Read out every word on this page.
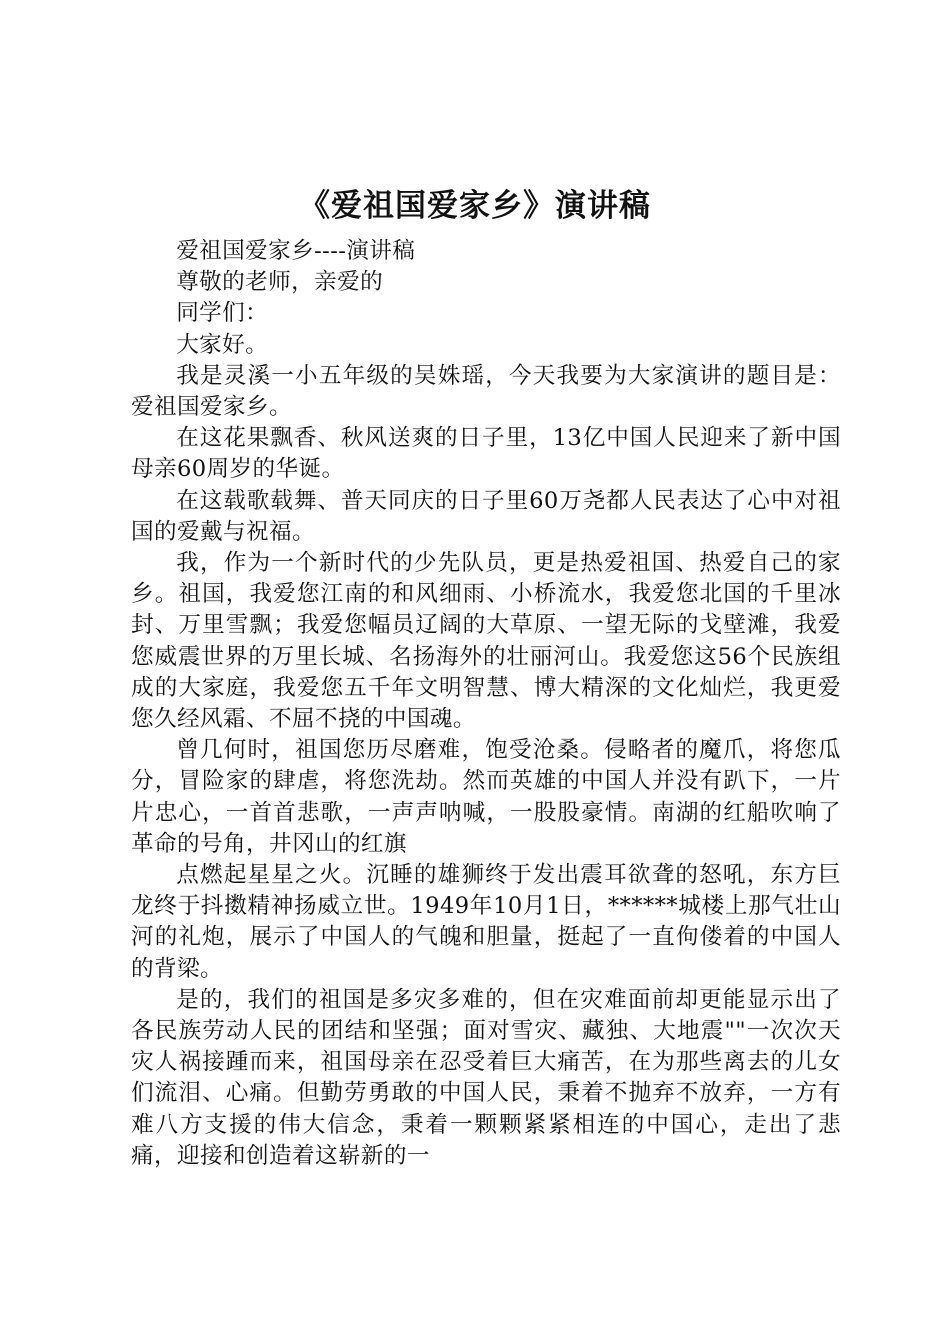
《爱祖国爱家乡》演讲稿

爱祖国爱家乡----演讲稿

尊敬的老师，亲爱的

同学们：

大家好。

我是灵溪一小五年级的吴姝瑶，今天我要为大家演讲的题目是：爱祖国爱家乡。

在这花果飘香、秋风送爽的日子里，13亿中国人民迎来了新中国母亲60周岁的华诞。

在这载歌载舞、普天同庆的日子里60万尧都人民表达了心中对祖国的爱戴与祝福。

我，作为一个新时代的少先队员，更是热爱祖国、热爱自己的家乡。祖国，我爱您江南的和风细雨、小桥流水，我爱您北国的千里冰封、万里雪飘；我爱您幅员辽阔的大草原、一望无际的戈壁滩，我爱您威震世界的万里长城、名扬海外的壮丽河山。我爱您这56个民族组成的大家庭，我爱您五千年文明智慧、博大精深的文化灿烂，我更爱您久经风霜、不屈不挠的中国魂。

曾几何时，祖国您历尽磨难，饱受沧桑。侵略者的魔爪，将您瓜分，冒险家的肆虐，将您洗劫。然而英雄的中国人并没有趴下，一片片忠心，一首首悲歌，一声声呐喊，一股股豪情。南湖的红船吹响了革命的号角，井冈山的红旗

点燃起星星之火。沉睡的雄狮终于发出震耳欲聋的怒吼，东方巨龙终于抖擞精神扬威立世。1949年10月1日，******城楼上那气壮山河的礼炮，展示了中国人的气魄和胆量，挺起了一直佝偻着的中国人的背梁。

是的，我们的祖国是多灾多难的，但在灾难面前却更能显示出了各民族劳动人民的团结和坚强；面对雪灾、藏独、大地震""一次次天灾人祸接踵而来，祖国母亲在忍受着巨大痛苦，在为那些离去的儿女们流泪、心痛。但勤劳勇敢的中国人民，秉着不抛弃不放弃，一方有难八方支援的伟大信念，秉着一颗颗紧紧相连的中国心，走出了悲痛，迎接和创造着这崭新的一
